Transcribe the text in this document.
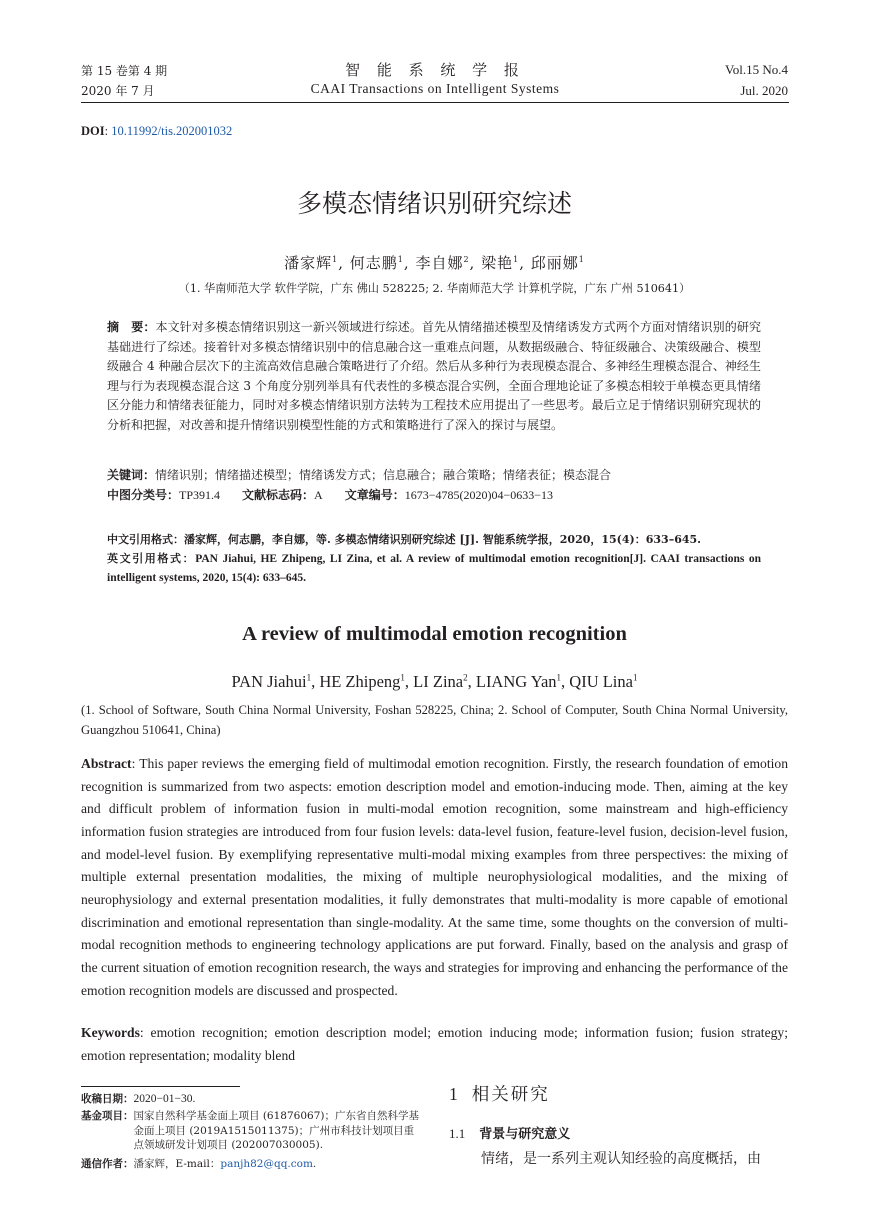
第 15 卷第 4 期
2020 年 7 月
智 能 系 统 学 报
CAAI Transactions on Intelligent Systems
Vol.15 No.4
Jul. 2020
DOI: 10.11992/tis.202001032
多模态情绪识别研究综述
潘家辉$^1$, 何志鹏$^1$, 李自娜$^2$, 梁艳$^1$, 邱丽娜$^1$
（1. 华南师范大学 软件学院，广东 佛山 528225; 2. 华南师范大学 计算机学院，广东 广州 510641）
摘　要：本文针对多模态情绪识别这一新兴领域进行综述。首先从情绪描述模型及情绪诱发方式两个方面对情绪识别的研究基础进行了综述。接着针对多模态情绪识别中的信息融合这一重难点问题，从数据级融合、特征级融合、决策级融合、模型级融合 4 种融合层次下的主流高效信息融合策略进行了介绍。然后从多种行为表现模态混合、多神经生理模态混合、神经生理与行为表现模态混合这 3 个角度分别列举具有代表性的多模态混合实例，全面合理地论证了多模态相较于单模态更具情绪区分能力和情绪表征能力，同时对多模态情绪识别方法转为工程技术应用提出了一些思考。最后立足于情绪识别研究现状的分析和把握，对改善和提升情绪识别模型性能的方式和策略进行了深入的探讨与展望。
关键词：情绪识别；情绪描述模型；情绪诱发方式；信息融合；融合策略；情绪表征；模态混合
中图分类号：TP391.4 文献标志码：A 文章编号：1673−4785(2020)04−0633−13
中文引用格式：潘家辉，何志鹏，李自娜，等. 多模态情绪识别研究综述 [J]. 智能系统学报，2020，15(4)：633–645.
英文引用格式：PAN Jiahui, HE Zhipeng, LI Zina, et al. A review of multimodal emotion recognition[J]. CAAI transactions on intelligent systems, 2020, 15(4): 633–645.
A review of multimodal emotion recognition
PAN Jiahui$^1$, HE Zhipeng$^1$, LI Zina$^2$, LIANG Yan$^1$, QIU Lina$^1$
(1. School of Software, South China Normal University, Foshan 528225, China; 2. School of Computer, South China Normal University, Guangzhou 510641, China)
Abstract: This paper reviews the emerging field of multimodal emotion recognition. Firstly, the research foundation of emotion recognition is summarized from two aspects: emotion description model and emotion-inducing mode. Then, aiming at the key and difficult problem of information fusion in multi-modal emotion recognition, some mainstream and high-efficiency information fusion strategies are introduced from four fusion levels: data-level fusion, feature-level fusion, decision-level fusion, and model-level fusion. By exemplifying representative multi-modal mixing examples from three perspectives: the mixing of multiple external presentation modalities, the mixing of multiple neurophysiological modalities, and the mixing of neurophysiology and external presentation modalities, it fully demonstrates that multi-modality is more capable of emotional discrimination and emotional representation than single-modality. At the same time, some thoughts on the conversion of multi-modal recognition methods to engineering technology applications are put forward. Finally, based on the analysis and grasp of the current situation of emotion recognition research, the ways and strategies for improving and enhancing the performance of the emotion recognition models are discussed and prospected.
Keywords: emotion recognition; emotion description model; emotion inducing mode; information fusion; fusion strategy; emotion representation; modality blend
收稿日期： 2020−01−30.
基金项目： 国家自然科学基金面上项目 (61876067)；广东省自然科学基金面上项目 (2019A1515011375)；广州市科技计划项目重点领域研发计划项目 (202007030005).
通信作者： 潘家辉，E-mail：panjh82@qq.com.
1 相关研究
1.1 背景与研究意义
情绪，是一系列主观认知经验的高度概括，由
